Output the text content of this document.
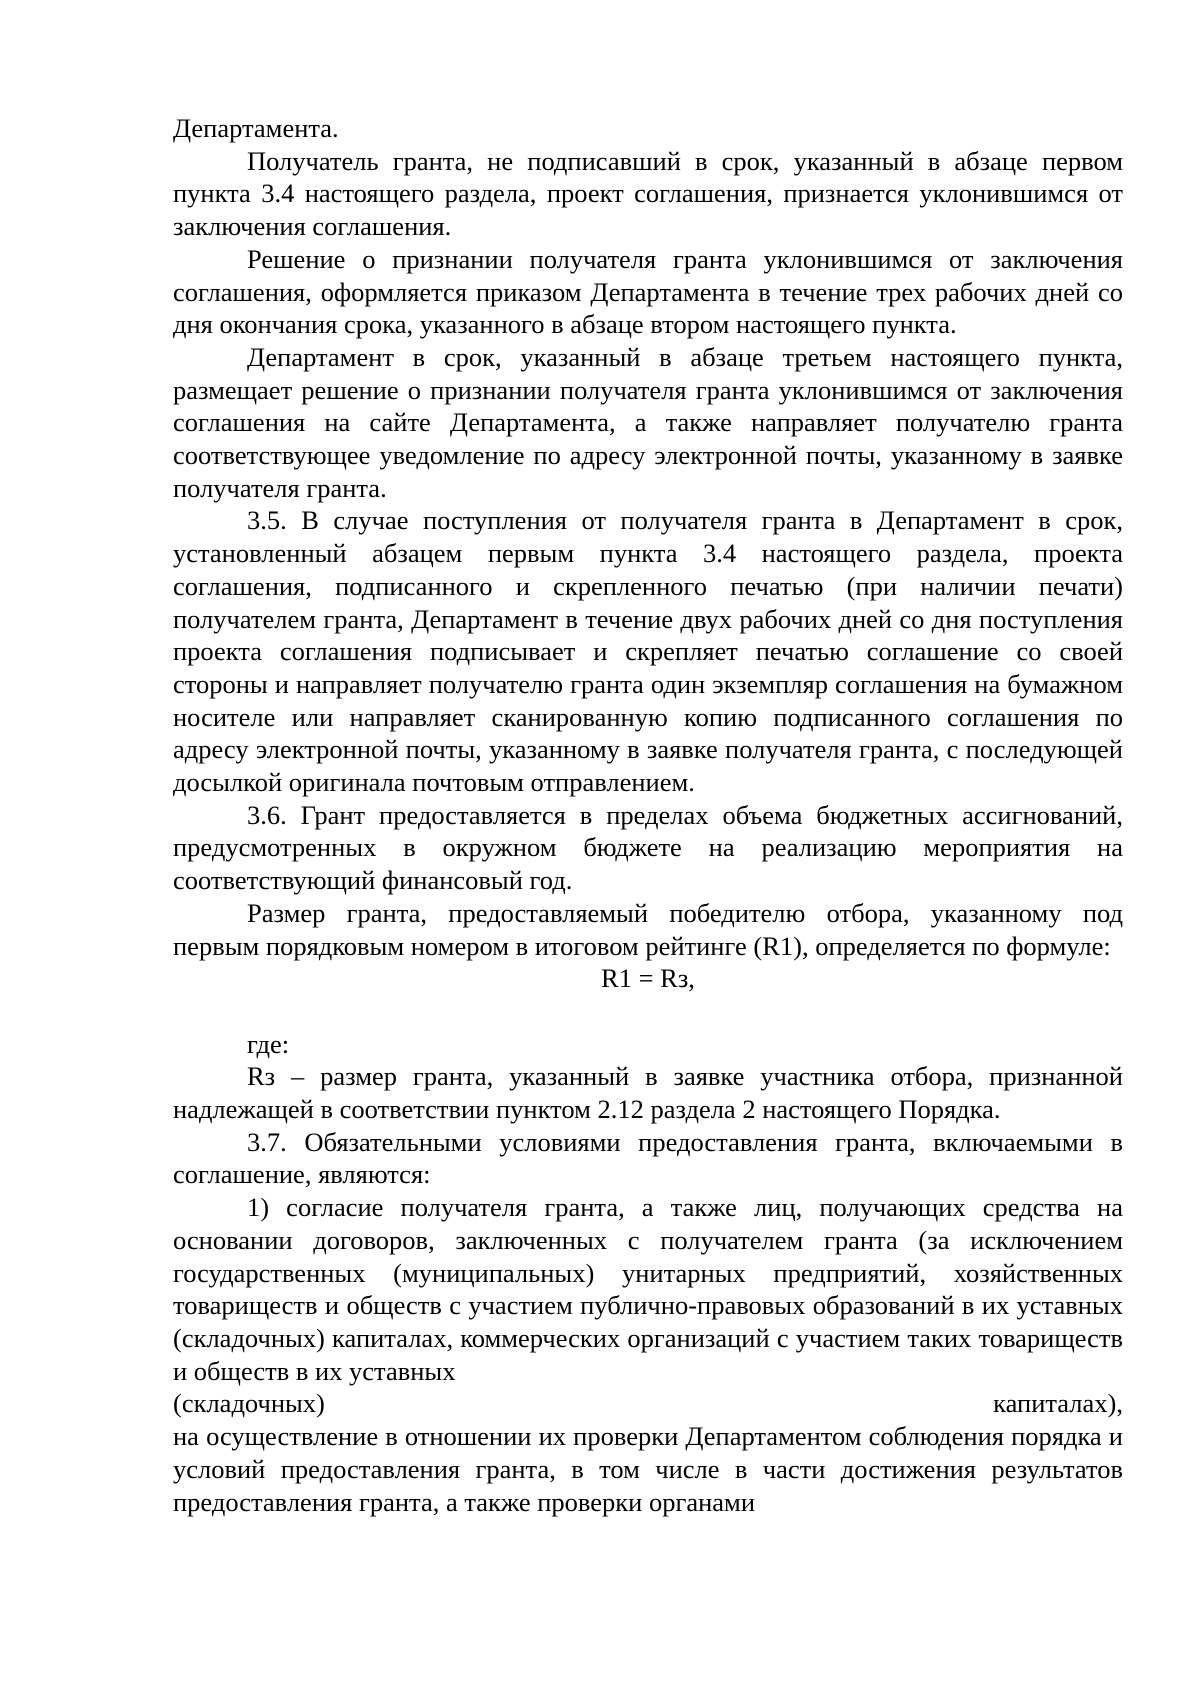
Департамента.

Получатель гранта, не подписавший в срок, указанный в абзаце первом пункта 3.4 настоящего раздела, проект соглашения, признается уклонившимся от заключения соглашения.

Решение о признании получателя гранта уклонившимся от заключения соглашения, оформляется приказом Департамента в течение трех рабочих дней со дня окончания срока, указанного в абзаце втором настоящего пункта.

Департамент в срок, указанный в абзаце третьем настоящего пункта, размещает решение о признании получателя гранта уклонившимся от заключения соглашения на сайте Департамента, а также направляет получателю гранта соответствующее уведомление по адресу электронной почты, указанному в заявке получателя гранта.

3.5. В случае поступления от получателя гранта в Департамент в срок, установленный абзацем первым пункта 3.4 настоящего раздела, проекта соглашения, подписанного и скрепленного печатью (при наличии печати) получателем гранта, Департамент в течение двух рабочих дней со дня поступления проекта соглашения подписывает и скрепляет печатью соглашение со своей стороны и направляет получателю гранта один экземпляр соглашения на бумажном носителе или направляет сканированную копию подписанного соглашения по адресу электронной почты, указанному в заявке получателя гранта, с последующей досылкой оригинала почтовым отправлением.

3.6. Грант предоставляется в пределах объема бюджетных ассигнований, предусмотренных в окружном бюджете на реализацию мероприятия на соответствующий финансовый год.

Размер гранта, предоставляемый победителю отбора, указанному под первым порядковым номером в итоговом рейтинге (R1), определяется по формуле:

R1 = Rз,

где:

Rз – размер гранта, указанный в заявке участника отбора, признанной надлежащей в соответствии пунктом 2.12 раздела 2 настоящего Порядка.

3.7. Обязательными условиями предоставления гранта, включаемыми в соглашение, являются:

1) согласие получателя гранта, а также лиц, получающих средства на основании договоров, заключенных с получателем гранта (за исключением государственных (муниципальных) унитарных предприятий, хозяйственных товариществ и обществ с участием публично-правовых образований в их уставных (складочных) капиталах, коммерческих организаций с участием таких товариществ и обществ в их уставных

(складочных)	капиталах),

на осуществление в отношении их проверки Департаментом соблюдения порядка и условий предоставления гранта, в том числе в части достижения результатов предоставления гранта, а также проверки органами
